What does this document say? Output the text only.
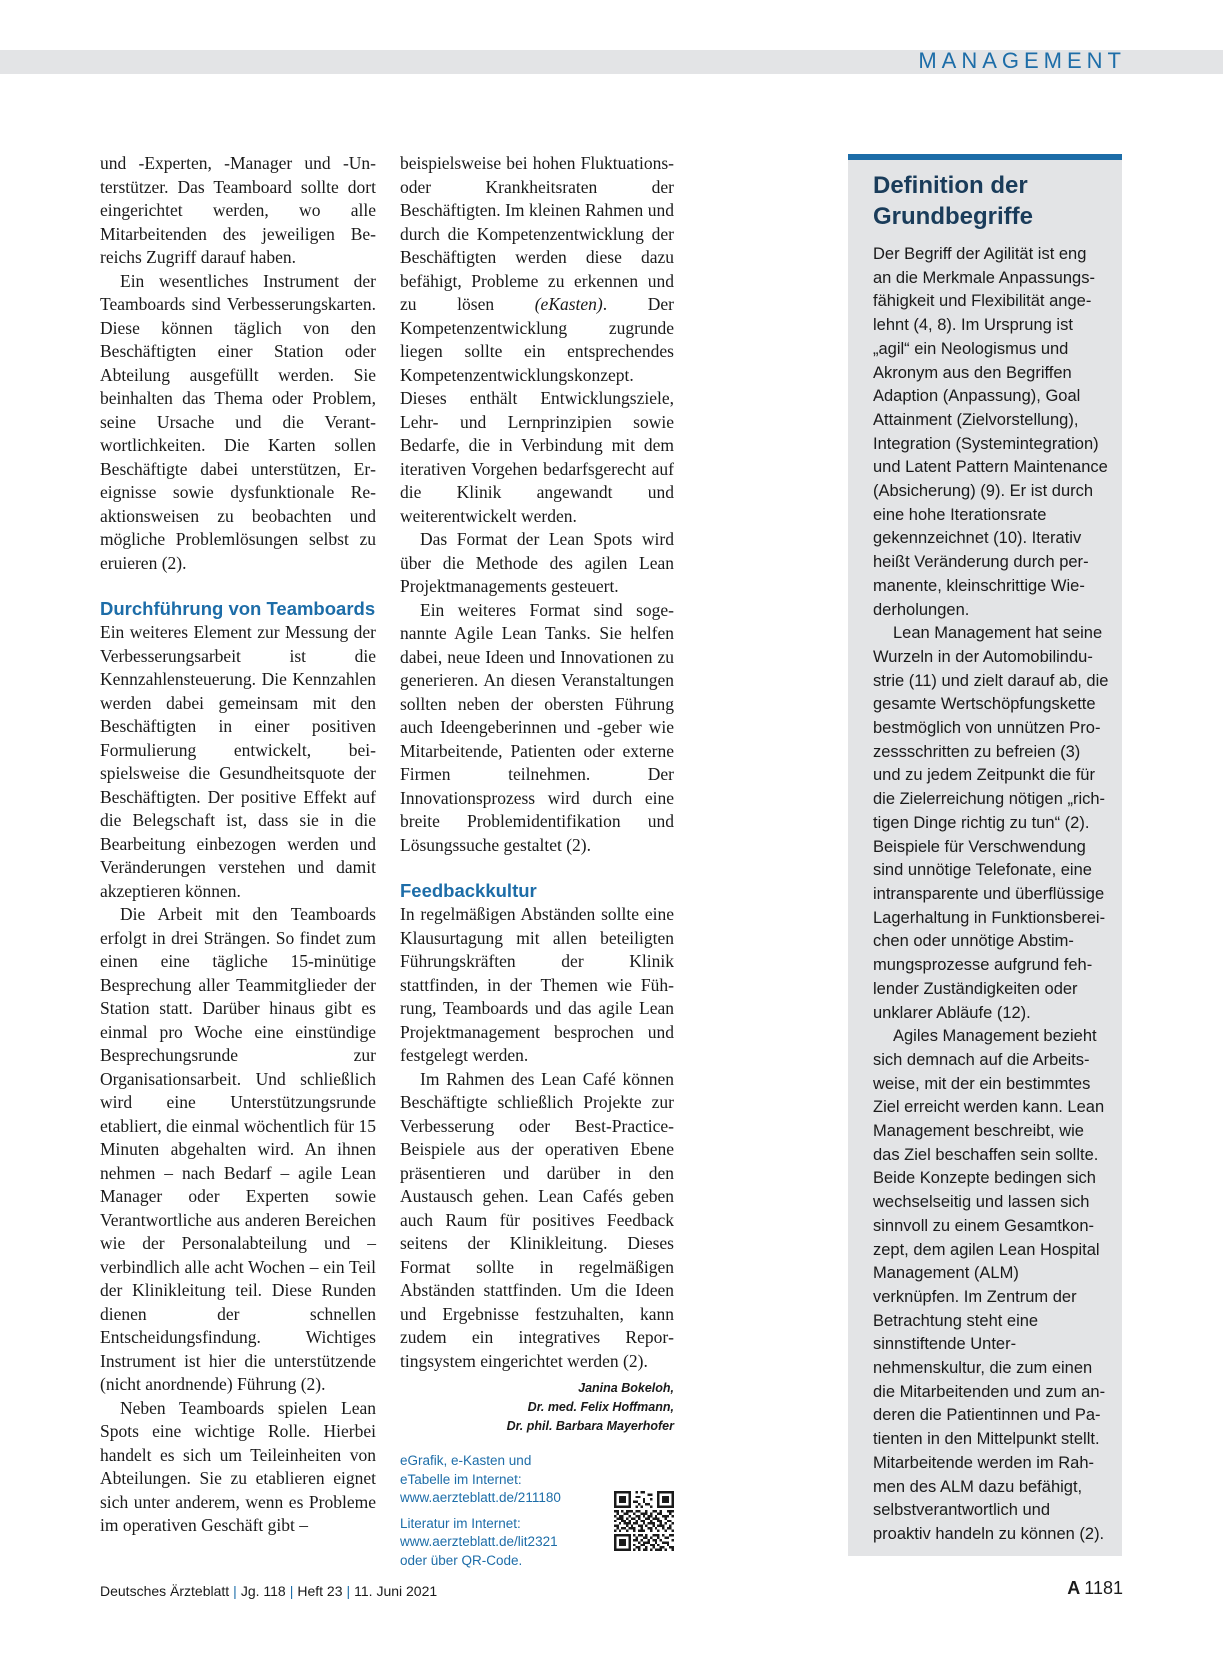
MANAGEMENT

und -Experten, -Manager und -Unterstützer. Das Teamboard sollte dort eingerichtet werden, wo alle Mitarbeitenden des jeweiligen Bereichs Zugriff darauf haben.

Ein wesentliches Instrument der Teamboards sind Verbesserungskarten. Diese können täglich von den Beschäftigten einer Station oder Abteilung ausgefüllt werden. Sie beinhalten das Thema oder Problem, seine Ursache und die Verantwortlichkeiten. Die Karten sollen Beschäftigte dabei unterstützen, Ereignisse sowie dysfunktionale Reaktionsweisen zu beobachten und mögliche Problemlösungen selbst zu eruieren (2).

Durchführung von Teamboards

Ein weiteres Element zur Messung der Verbesserungsarbeit ist die Kennzahlensteuerung. Die Kennzahlen werden dabei gemeinsam mit den Beschäftigten in einer positiven Formulierung entwickelt, beispielsweise die Gesundheitsquote der Beschäftigten. Der positive Effekt auf die Belegschaft ist, dass sie in die Bearbeitung einbezogen werden und Veränderungen verstehen und damit akzeptieren können.

Die Arbeit mit den Teamboards erfolgt in drei Strängen. So findet zum einen eine tägliche 15-minütige Besprechung aller Teammitglieder der Station statt. Darüber hinaus gibt es einmal pro Woche eine einstündige Besprechungsrunde zur Organisationsarbeit. Und schließlich wird eine Unterstützungsrunde etabliert, die einmal wöchentlich für 15 Minuten abgehalten wird. An ihnen nehmen – nach Bedarf – agile Lean Manager oder Experten sowie Verantwortliche aus anderen Bereichen wie der Personalabteilung und – verbindlich alle acht Wochen – ein Teil der Klinikleitung teil. Diese Runden dienen der schnellen Entscheidungsfindung. Wichtiges Instrument ist hier die unterstützende (nicht anordnende) Führung (2).

Neben Teamboards spielen Lean Spots eine wichtige Rolle. Hierbei handelt es sich um Teileinheiten von Abteilungen. Sie zu etablieren eignet sich unter anderem, wenn es Probleme im operativen Geschäft gibt –

beispielsweise bei hohen Fluktuations- oder Krankheitsraten der Beschäftigten. Im kleinen Rahmen und durch die Kompetenzentwicklung der Beschäftigten werden diese dazu befähigt, Probleme zu erkennen und zu lösen (eKasten). Der Kompetenzentwicklung zugrunde liegen sollte ein entsprechendes Kompetenzentwicklungskonzept. Dieses enthält Entwicklungsziele, Lehr- und Lernprinzipien sowie Bedarfe, die in Verbindung mit dem iterativen Vorgehen bedarfsgerecht auf die Klinik angewandt und weiterentwickelt werden.

Das Format der Lean Spots wird über die Methode des agilen Lean Projektmanagements gesteuert.

Ein weiteres Format sind sogenannte Agile Lean Tanks. Sie helfen dabei, neue Ideen und Innovationen zu generieren. An diesen Veranstaltungen sollten neben der obersten Führung auch Ideengeberinnen und -geber wie Mitarbeitende, Patienten oder externe Firmen teilnehmen. Der Innovationsprozess wird durch eine breite Problemidentifikation und Lösungssuche gestaltet (2).

Feedbackkultur

In regelmäßigen Abständen sollte eine Klausurtagung mit allen beteiligten Führungskräften der Klinik stattfinden, in der Themen wie Führung, Teamboards und das agile Lean Projektmanagement besprochen und festgelegt werden.

Im Rahmen des Lean Café können Beschäftigte schließlich Projekte zur Verbesserung oder Best-Practice-Beispiele aus der operativen Ebene präsentieren und darüber in den Austausch gehen. Lean Cafés geben auch Raum für positives Feedback seitens der Klinikleitung. Dieses Format sollte in regelmäßigen Abständen stattfinden. Um die Ideen und Ergebnisse festzuhalten, kann zudem ein integratives Reportingsystem eingerichtet werden (2).

Janina Bokeloh,
Dr. med. Felix Hoffmann,
Dr. phil. Barbara Mayerhofer

eGrafik, e-Kasten und eTabelle im Internet:

www.aerzteblatt.de/211180

Literatur im Internet:

www.aerzteblatt.de/lit2321

oder über QR-Code.

Definition der Grundbegriffe

Der Begriff der Agilität ist eng an die Merkmale Anpassungsfähigkeit und Flexibilität angelehnt (4, 8). Im Ursprung ist „agil“ ein Neologismus und Akronym aus den Begriffen Adaption (Anpassung), Goal Attainment (Zielvorstellung), Integration (Systemintegration) und Latent Pattern Maintenance (Absicherung) (9). Er ist durch eine hohe Iterationsrate gekennzeichnet (10). Iterativ heißt Veränderung durch permanente, kleinschrittige Wiederholungen.

Lean Management hat seine Wurzeln in der Automobilindustrie (11) und zielt darauf ab, die gesamte Wertschöpfungskette bestmöglich von unnützen Prozessschritten zu befreien (3) und zu jedem Zeitpunkt die für die Zielerreichung nötigen „richtigen Dinge richtig zu tun“ (2). Beispiele für Verschwendung sind unnötige Telefonate, eine intransparente und überflüssige Lagerhaltung in Funktionsbereichen oder unnötige Abstimmungsprozesse aufgrund fehlender Zuständigkeiten oder unklarer Abläufe (12).

Agiles Management bezieht sich demnach auf die Arbeitsweise, mit der ein bestimmtes Ziel erreicht werden kann. Lean Management beschreibt, wie das Ziel beschaffen sein sollte. Beide Konzepte bedingen sich wechselseitig und lassen sich sinnvoll zu einem Gesamtkonzept, dem agilen Lean Hospital Management (ALM) verknüpfen. Im Zentrum der Betrachtung steht eine sinnstiftende Unternehmenskultur, die zum einen die Mitarbeitenden und zum anderen die Patientinnen und Patienten in den Mittelpunkt stellt. Mitarbeitende werden im Rahmen des ALM dazu befähigt, selbstverantwortlich und proaktiv handeln zu können (2).

Deutsches Ärzteblatt | Jg. 118 | Heft 23 | 11. Juni 2021	A 1181
